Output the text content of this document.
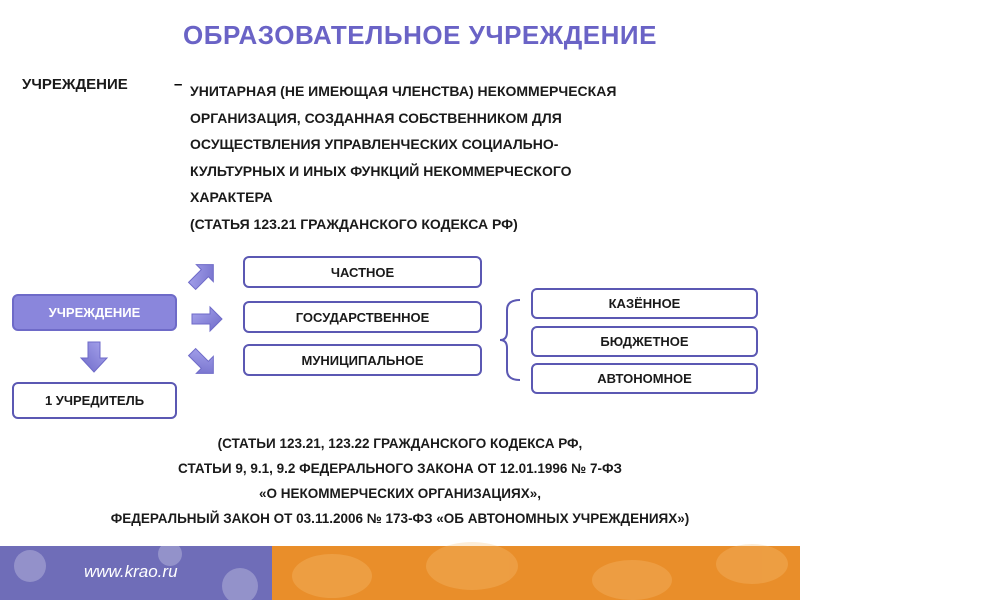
ОБРАЗОВАТЕЛЬНОЕ УЧРЕЖДЕНИЕ
УЧРЕЖДЕНИЕ	– УНИТАРНАЯ (НЕ ИМЕЮЩАЯ ЧЛЕНСТВА) НЕКОММЕРЧЕСКАЯ
ОРГАНИЗАЦИЯ, СОЗДАННАЯ СОБСТВЕННИКОМ ДЛЯ
ОСУЩЕСТВЛЕНИЯ УПРАВЛЕНЧЕСКИХ СОЦИАЛЬНО-
КУЛЬТУРНЫХ И ИНЫХ ФУНКЦИЙ НЕКОММЕРЧЕСКОГО
ХАРАКТЕРА
(СТАТЬЯ 123.21 ГРАЖДАНСКОГО КОДЕКСА РФ)
УЧРЕЖДЕНИЕ
1 УЧРЕДИТЕЛЬ
ЧАСТНОЕ
ГОСУДАРСТВЕННОЕ
МУНИЦИПАЛЬНОЕ
КАЗЁННОЕ
БЮДЖЕТНОЕ
АВТОНОМНОЕ
(СТАТЬИ 123.21, 123.22 ГРАЖДАНСКОГО КОДЕКСА РФ,
СТАТЬИ 9, 9.1, 9.2 ФЕДЕРАЛЬНОГО ЗАКОНА ОТ 12.01.1996 № 7-ФЗ
«О НЕКОММЕРЧЕСКИХ ОРГАНИЗАЦИЯХ»,
ФЕДЕРАЛЬНЫЙ ЗАКОН ОТ 03.11.2006 № 173-ФЗ «ОБ АВТОНОМНЫХ УЧРЕЖДЕНИЯХ»)
www.krao.ru
MyShared
